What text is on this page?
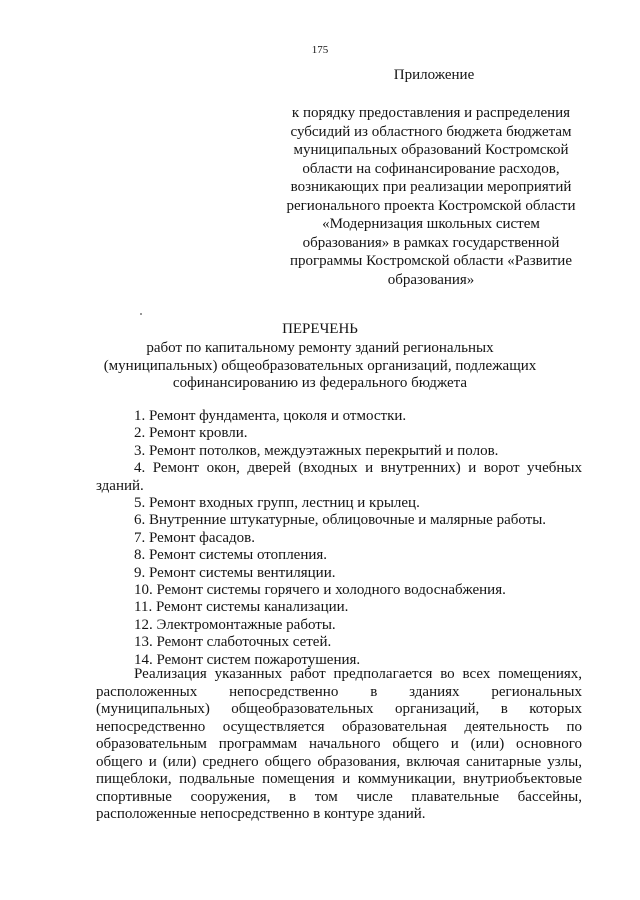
175
Приложение
к порядку предоставления и распределения
субсидий из областного бюджета бюджетам
муниципальных образований Костромской
области на софинансирование расходов,
возникающих при реализации мероприятий
регионального проекта Костромской области
«Модернизация школьных систем
образования» в рамках государственной
программы Костромской области «Развитие
образования»
ПЕРЕЧЕНЬ
работ по капитальному ремонту зданий региональных
(муниципальных) общеобразовательных организаций, подлежащих
софинансированию из федерального бюджета
1. Ремонт фундамента, цоколя и отмостки.
2. Ремонт кровли.
3. Ремонт потолков, междуэтажных перекрытий и полов.
4. Ремонт окон, дверей (входных и внутренних) и ворот учебных
зданий.
5. Ремонт входных групп, лестниц и крылец.
6. Внутренние штукатурные, облицовочные и малярные работы.
7. Ремонт фасадов.
8. Ремонт системы отопления.
9. Ремонт системы вентиляции.
10. Ремонт системы горячего и холодного водоснабжения.
11. Ремонт системы канализации.
12. Электромонтажные работы.
13. Ремонт слаботочных сетей.
14. Ремонт систем пожаротушения.
Реализация указанных работ предполагается во всех помещениях,
расположенных непосредственно в зданиях региональных
(муниципальных) общеобразовательных организаций, в которых
непосредственно осуществляется образовательная деятельность по
образовательным программам начального общего и (или) основного
общего и (или) среднего общего образования, включая санитарные узлы,
пищеблоки, подвальные помещения и коммуникации, внутриобъектовые
спортивные сооружения, в том числе плавательные бассейны,
расположенные непосредственно в контуре зданий.
